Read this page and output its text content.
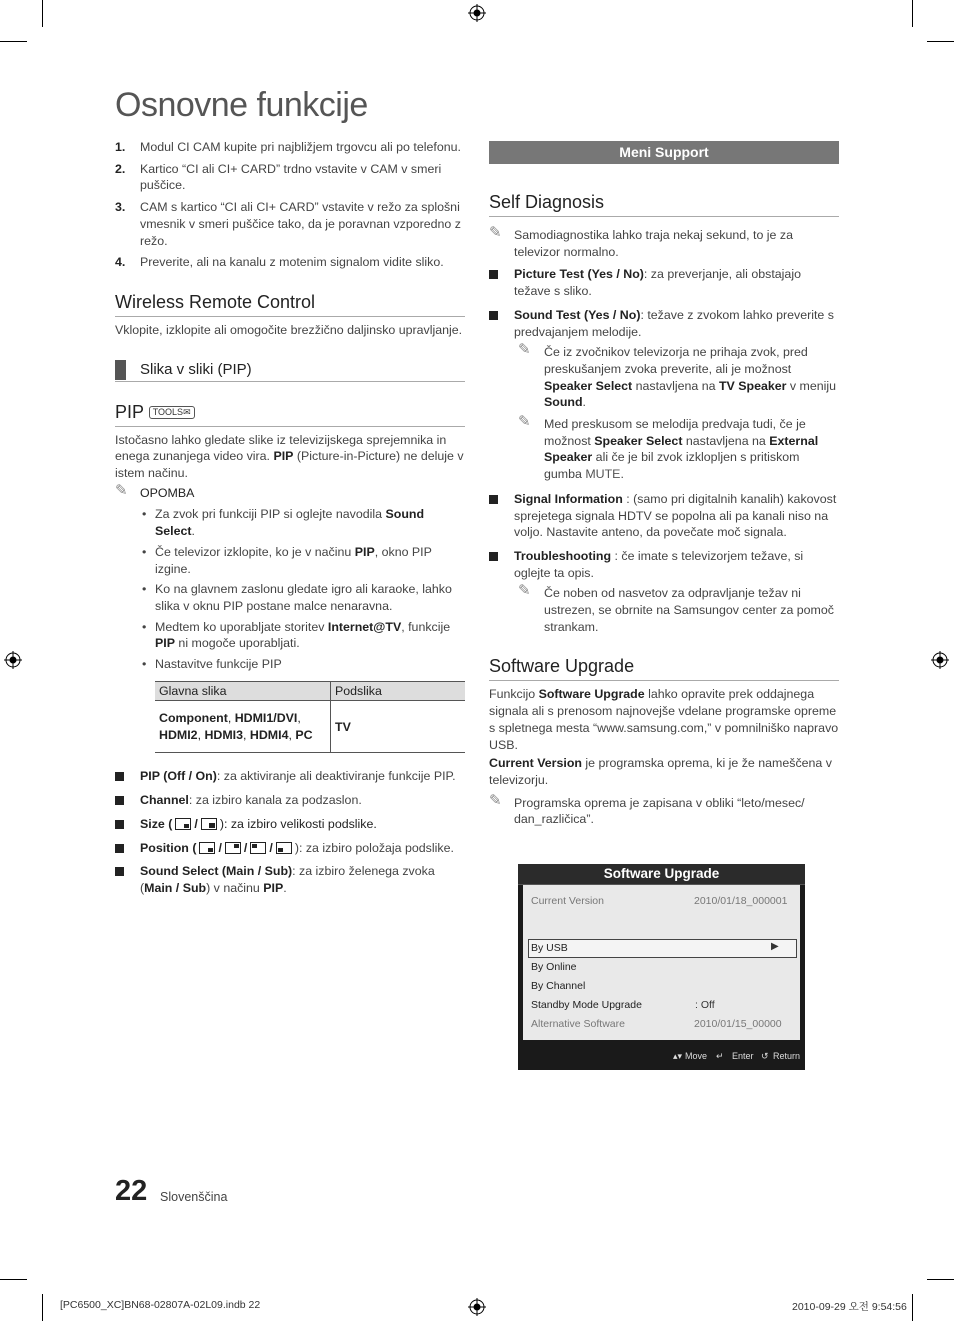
Osnovne funkcije
1. Modul CI CAM kupite pri najbližjem trgovcu ali po telefonu.
2. Kartico “CI ali CI+ CARD” trdno vstavite v CAM v smeri puščice.
3. CAM s kartico “CI ali CI+ CARD” vstavite v režo za splošni vmesnik v smeri puščice tako, da je poravnan vzporedno z režo.
4. Preverite, ali na kanalu z motenim signalom vidite sliko.
Wireless Remote Control
Vklopite, izklopite ali omogočite brezžično daljinsko upravljanje.
Slika v sliki (PIP)
PIP TOOLS✉
Istočasno lahko gledate slike iz televizijskega sprejemnika in enega zunanjega video vira. PIP (Picture-in-Picture) ne deluje v istem načinu.
✎ OPOMBA
• Za zvok pri funkciji PIP si oglejte navodila Sound Select.
• Če televizor izklopite, ko je v načinu PIP, okno PIP izgine.
• Ko na glavnem zaslonu gledate igro ali karaoke, lahko slika v oknu PIP postane malce nenaravna.
• Medtem ko uporabljate storitev Internet@TV, funkcije PIP ni mogoče uporabljati.
• Nastavitve funkcije PIP
Glavna slika	Podslika
Component, HDMI1/DVI, HDMI2, HDMI3, HDMI4, PC	TV
PIP (Off / On): za aktiviranje ali deaktiviranje funkcije PIP.
Channel: za izbiro kanala za podzaslon.
Size ( / ): za izbiro velikosti podslike.
Position ( / / / ): za izbiro položaja podslike.
Sound Select (Main / Sub): za izbiro želenega zvoka (Main / Sub) v načinu PIP.
Meni Support
Self Diagnosis
✎ Samodiagnostika lahko traja nekaj sekund, to je za televizor normalno.
Picture Test (Yes / No): za preverjanje, ali obstajajo težave s sliko.
Sound Test (Yes / No): težave z zvokom lahko preverite s predvajanjem melodije.
✎ Če iz zvočnikov televizorja ne prihaja zvok, pred preskušanjem zvoka preverite, ali je možnost Speaker Select nastavljena na TV Speaker v meniju Sound.
✎ Med preskusom se melodija predvaja tudi, če je možnost Speaker Select nastavljena na External Speaker ali če je bil zvok izklopljen s pritiskom gumba MUTE.
Signal Information : (samo pri digitalnih kanalih) kakovost sprejetega signala HDTV se popolna ali pa kanali niso na voljo. Nastavite anteno, da povečate moč signala.
Troubleshooting : če imate s televizorjem težave, si oglejte ta opis.
✎ Če noben od nasvetov za odpravljanje težav ni ustrezen, se obrnite na Samsungov center za pomoč strankam.
Software Upgrade
Funkcijo Software Upgrade lahko opravite prek oddajnega signala ali s prenosom najnovejše vdelane programske opreme s spletnega mesta “www.samsung.com,” v pomnilniško napravo USB.
Current Version je programska oprema, ki je že nameščena v televizorju.
✎ Programska oprema je zapisana v obliki “leto/mesec/ dan_različica”.
Software Upgrade
Current Version	2010/01/18_000001
By USB	▶
By Online
By Channel
Standby Mode Upgrade	: Off
Alternative Software	2010/01/15_00000
▴▾ Move ↵ Enter ↺ Return
22 Slovenščina
[PC6500_XC]BN68-02807A-02L09.indb 22	2010-09-29 오전 9:54:56
